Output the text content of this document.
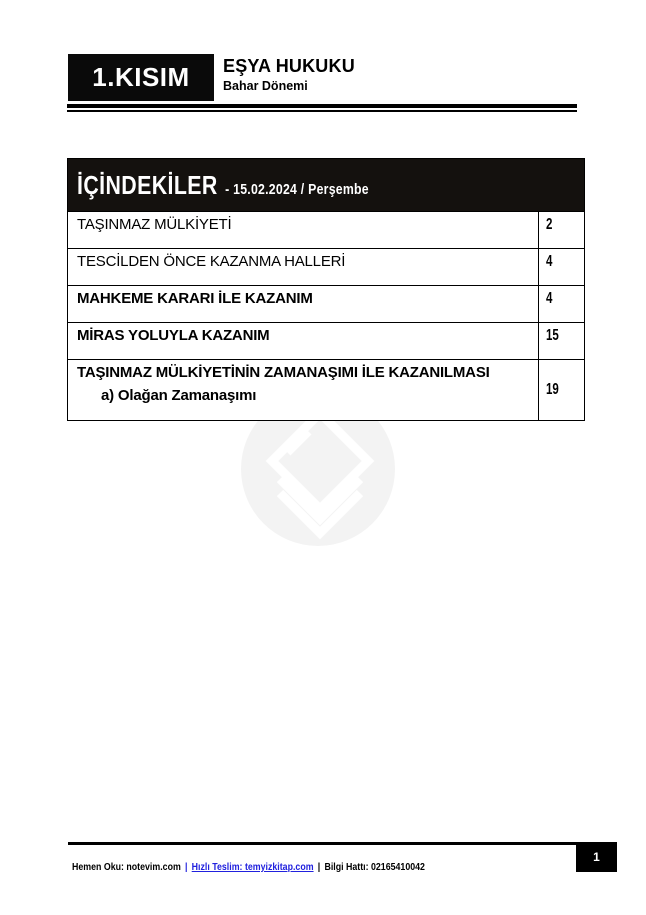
1.KISIM EŞYA HUKUKU
Bahar Dönemi
İÇİNDEKİLER - 15.02.2024 / Perşembe
TAŞINMAZ MÜLKİYETİ	2
TESCİLDEN ÖNCE KAZANMA HALLERİ	4
MAHKEME KARARI İLE KAZANIM	4
MİRAS YOLUYLA KAZANIM	15
TAŞINMAZ MÜLKİYETİNİN ZAMANAŞIMI İLE KAZANILMASI
a) Olağan Zamanaşımı	19
1
Hemen Oku: notevim.com | Hızlı Teslim: temyizkitap.com | Bilgi Hattı: 02165410042
